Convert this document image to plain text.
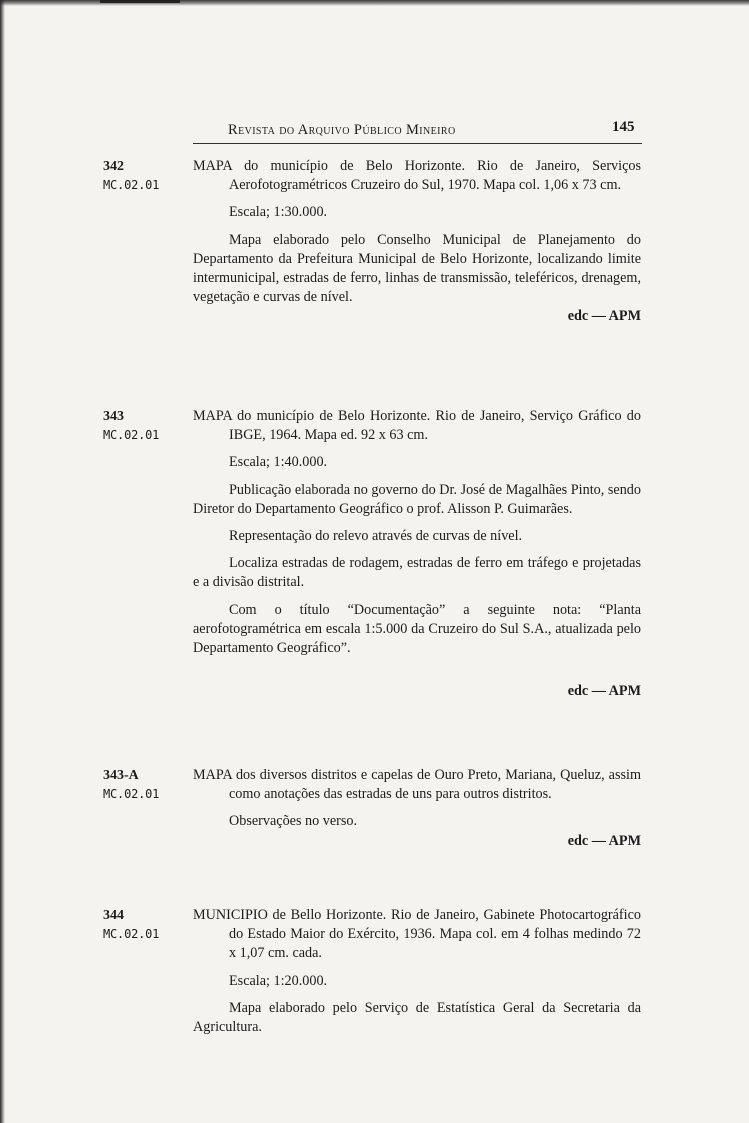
Revista do Arquivo Público Mineiro	145
342
MC.02.01

MAPA do município de Belo Horizonte. Rio de Janeiro, Serviços Aerofotogramétricos Cruzeiro do Sul, 1970. Mapa col. 1,06 x 73 cm.

Escala; 1:30.000.

Mapa elaborado pelo Conselho Municipal de Planejamento do Departamento da Prefeitura Municipal de Belo Horizonte, localizando limite intermunicipal, estradas de ferro, linhas de transmissão, teleféricos, drenagem, vegetação e curvas de nível.

edc — APM

343
MC.02.01

MAPA do município de Belo Horizonte. Rio de Janeiro, Serviço Gráfico do IBGE, 1964. Mapa ed. 92 x 63 cm.

Escala; 1:40.000.

Publicação elaborada no governo do Dr. José de Magalhães Pinto, sendo Diretor do Departamento Geográfico o prof. Alisson P. Guimarães.

Representação do relevo através de curvas de nível.

Localiza estradas de rodagem, estradas de ferro em tráfego e projetadas e a divisão distrital.

Com o título “Documentação” a seguinte nota: “Planta aerofotogramétrica em escala 1:5.000 da Cruzeiro do Sul S.A., atualizada pelo Departamento Geográfico”.

edc — APM

343-A
MC.02.01

MAPA dos diversos distritos e capelas de Ouro Preto, Mariana, Queluz, assim como anotações das estradas de uns para outros distritos.

Observações no verso.

edc — APM

344
MC.02.01

MUNICIPIO de Bello Horizonte. Rio de Janeiro, Gabinete Photocartográfico do Estado Maior do Exército, 1936. Mapa col. em 4 folhas medindo 72 x 1,07 cm. cada.

Escala; 1:20.000.

Mapa elaborado pelo Serviço de Estatística Geral da Secretaria da Agricultura.
